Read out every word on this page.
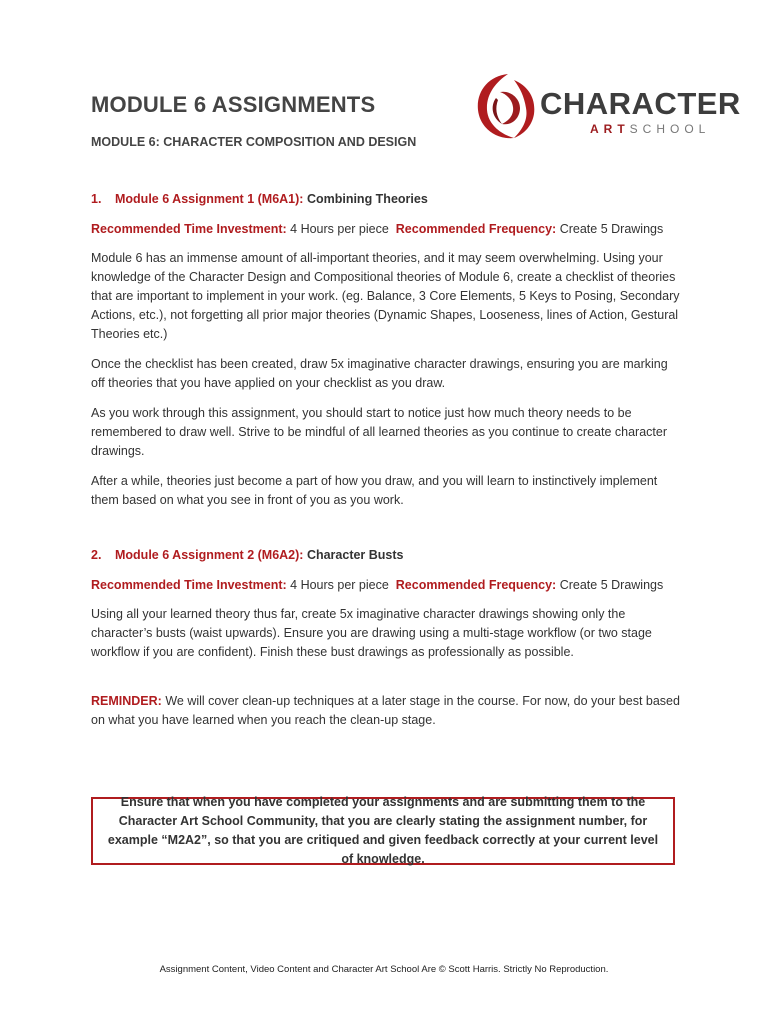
MODULE 6 ASSIGNMENTS

MODULE 6: CHARACTER COMPOSITION AND DESIGN

CHARACTER
ARTSCHOOL

1. Module 6 Assignment 1 (M6A1): Combining Theories

Recommended Time Investment: 4 Hours per piece Recommended Frequency: Create 5 Drawings

Module 6 has an immense amount of all-important theories, and it may seem overwhelming. Using your knowledge of the Character Design and Compositional theories of Module 6, create a checklist of theories that are important to implement in your work. (eg. Balance, 3 Core Elements, 5 Keys to Posing, Secondary Actions, etc.), not forgetting all prior major theories (Dynamic Shapes, Looseness, lines of Action, Gestural Theories etc.)

Once the checklist has been created, draw 5x imaginative character drawings, ensuring you are marking off theories that you have applied on your checklist as you draw.

As you work through this assignment, you should start to notice just how much theory needs to be remembered to draw well. Strive to be mindful of all learned theories as you continue to create character drawings.

After a while, theories just become a part of how you draw, and you will learn to instinctively implement them based on what you see in front of you as you work.

2. Module 6 Assignment 2 (M6A2): Character Busts

Recommended Time Investment: 4 Hours per piece Recommended Frequency: Create 5 Drawings

Using all your learned theory thus far, create 5x imaginative character drawings showing only the character’s busts (waist upwards). Ensure you are drawing using a multi-stage workflow (or two stage workflow if you are confident). Finish these bust drawings as professionally as possible.

REMINDER: We will cover clean-up techniques at a later stage in the course. For now, do your best based on what you have learned when you reach the clean-up stage.

Ensure that when you have completed your assignments and are submitting them to the Character Art School Community, that you are clearly stating the assignment number, for example “M2A2”, so that you are critiqued and given feedback correctly at your current level of knowledge.

Assignment Content, Video Content and Character Art School Are © Scott Harris. Strictly No Reproduction.
